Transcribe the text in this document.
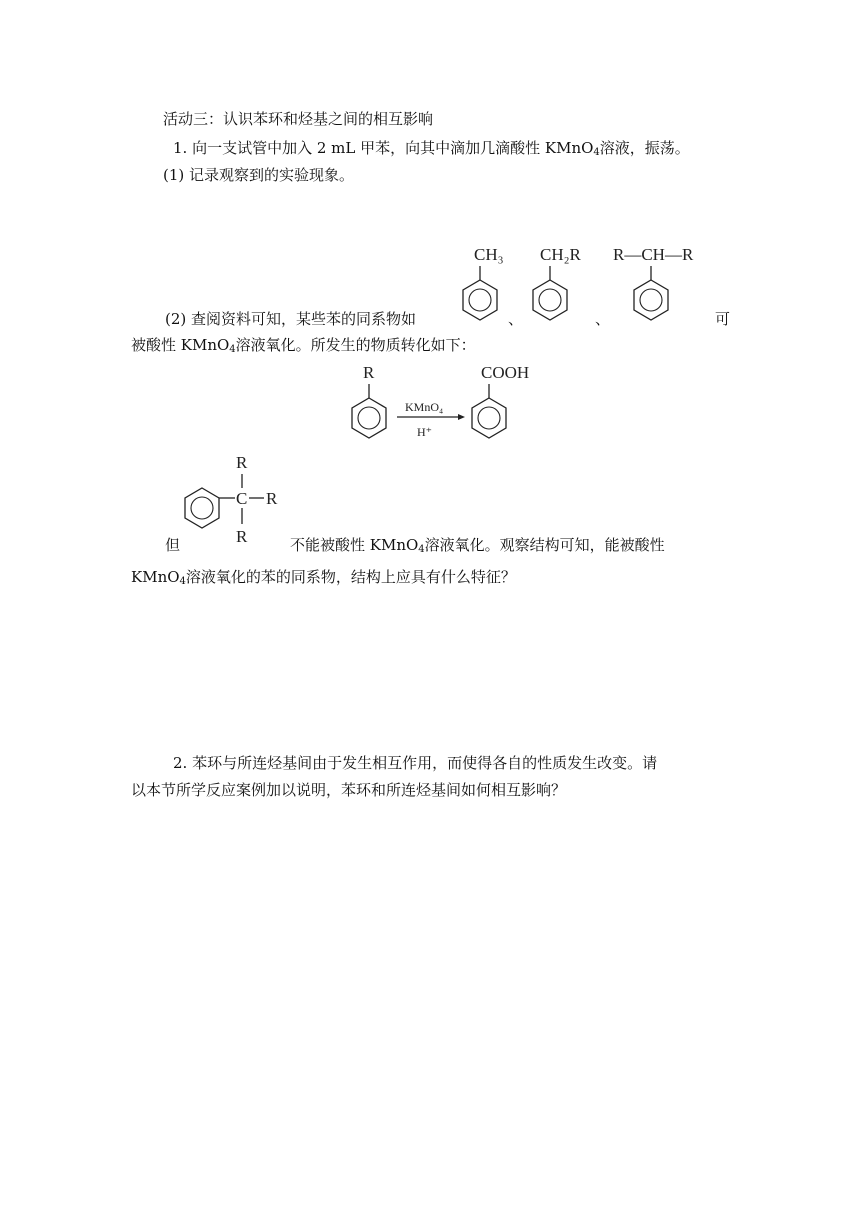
活动三：认识苯环和烃基之间的相互影响
1. 向一支试管中加入 2 mL 甲苯，向其中滴加几滴酸性 KMnO$_4$溶液，振荡。
(1) 记录观察到的实验现象。
CH₃ CH₂R R—CH—R
(2) 查阅资料可知，某些苯的同系物如	、	、	可
被酸性 KMnO$_4$溶液氧化。所发生的物质转化如下：
R
KMnO₄
H⁺
COOH
R
C R
R
但	不能被酸性 KMnO$_4$溶液氧化。观察结构可知，能被酸性
KMnO$_4$溶液氧化的苯的同系物，结构上应具有什么特征？
2. 苯环与所连烃基间由于发生相互作用，而使得各自的性质发生改变。请
以本节所学反应案例加以说明，苯环和所连烃基间如何相互影响？
